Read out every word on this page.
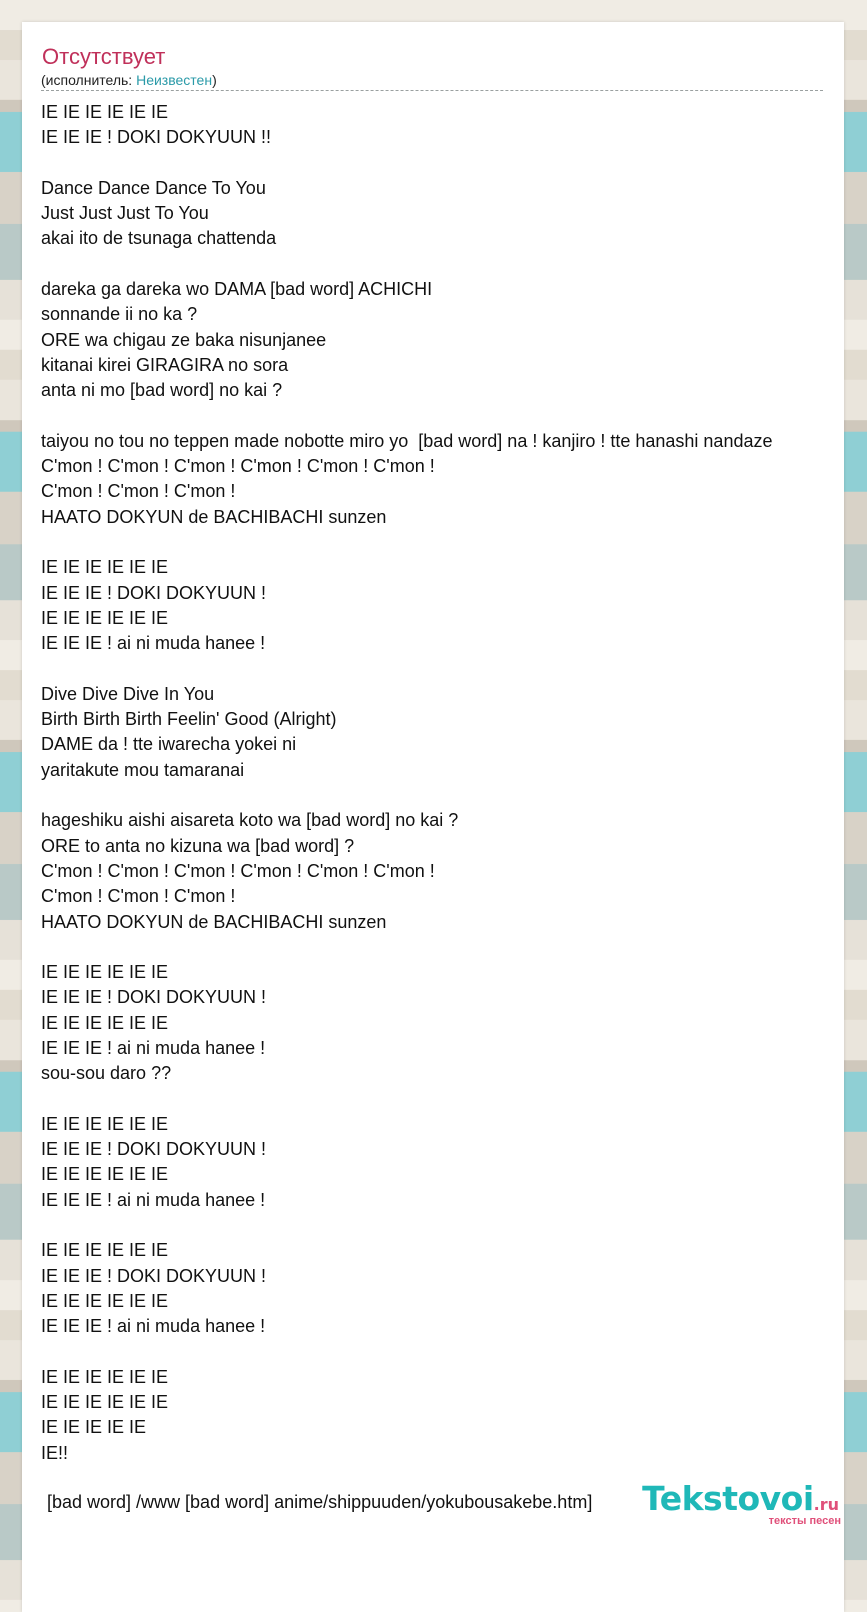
Отсутствует
(исполнитель: Неизвестен)
IE IE IE IE IE IE
IE IE IE ! DOKI DOKYUUN !!
Dance Dance Dance To You
Just Just Just To You
akai ito de tsunaga chattenda
dareka ga dareka wo DAMA [bad word] ACHICHI
sonnande ii no ka ?
ORE wa chigau ze baka nisunjanee
kitanai kirei GIRAGIRA no sora
anta ni mo [bad word] no kai ?
taiyou no tou no teppen made nobotte miro yo  [bad word] na ! kanjiro ! tte hanashi nandaze
C'mon ! C'mon ! C'mon ! C'mon ! C'mon ! C'mon !
C'mon ! C'mon ! C'mon !
HAATO DOKYUN de BACHIBACHI sunzen
IE IE IE IE IE IE
IE IE IE ! DOKI DOKYUUN !
IE IE IE IE IE IE
IE IE IE ! ai ni muda hanee !
Dive Dive Dive In You
Birth Birth Birth Feelin' Good (Alright)
DAME da ! tte iwarecha yokei ni
yaritakute mou tamaranai
hageshiku aishi aisareta koto wa [bad word] no kai ?
ORE to anta no kizuna wa [bad word] ?
C'mon ! C'mon ! C'mon ! C'mon ! C'mon ! C'mon !
C'mon ! C'mon ! C'mon !
HAATO DOKYUN de BACHIBACHI sunzen
IE IE IE IE IE IE
IE IE IE ! DOKI DOKYUUN !
IE IE IE IE IE IE
IE IE IE ! ai ni muda hanee !
sou-sou daro ??
IE IE IE IE IE IE
IE IE IE ! DOKI DOKYUUN !
IE IE IE IE IE IE
IE IE IE ! ai ni muda hanee !
IE IE IE IE IE IE
IE IE IE ! DOKI DOKYUUN !
IE IE IE IE IE IE
IE IE IE ! ai ni muda hanee !
IE IE IE IE IE IE
IE IE IE IE IE IE
IE IE IE IE IE
IE!!
[bad word] /www [bad word] anime/shippuuden/yokubousakebe.htm] Tekstovoi.ru
тексты песен
